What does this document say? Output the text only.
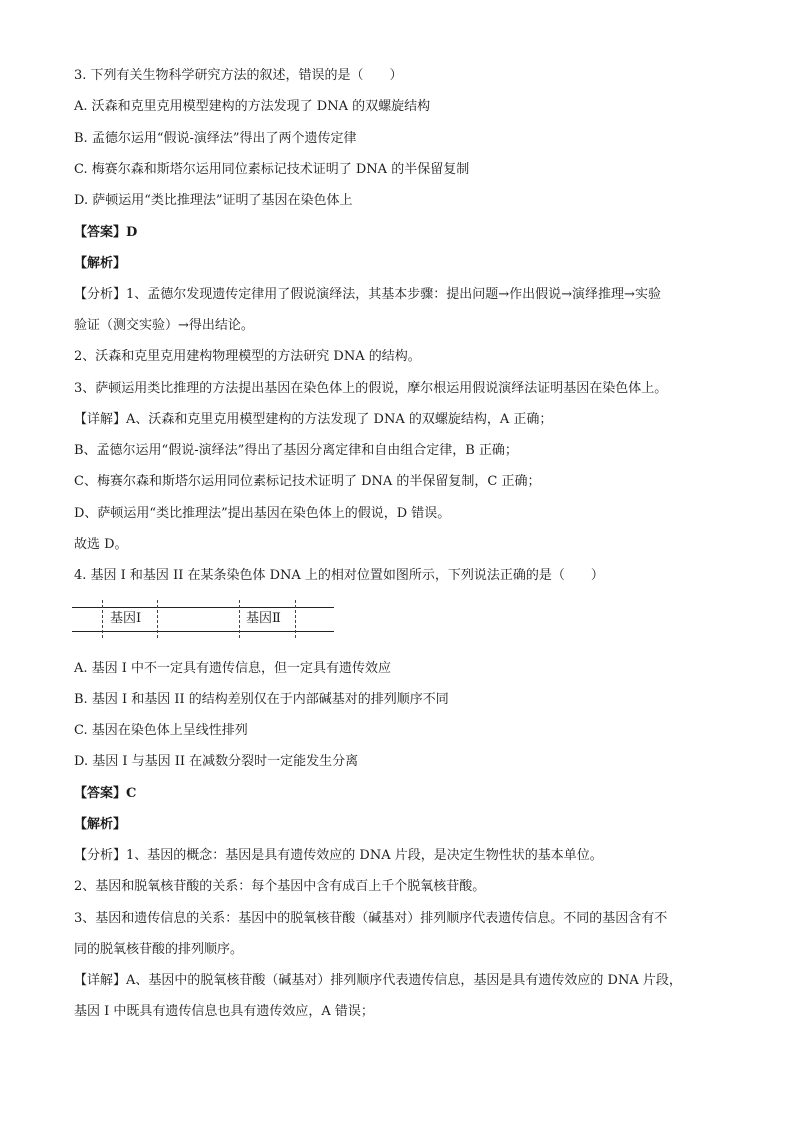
3. 下列有关生物科学研究方法的叙述，错误的是（　　）
A. 沃森和克里克用模型建构的方法发现了 DNA 的双螺旋结构
B. 孟德尔运用“假说-演绎法”得出了两个遗传定律
C. 梅赛尔森和斯塔尔运用同位素标记技术证明了 DNA 的半保留复制
D. 萨顿运用“类比推理法”证明了基因在染色体上
【答案】D
【解析】
【分析】1、孟德尔发现遗传定律用了假说演绎法，其基本步骤：提出问题→作出假说→演绎推理→实验
验证（测交实验）→得出结论。
2、沃森和克里克用建构物理模型的方法研究 DNA 的结构。
3、萨顿运用类比推理的方法提出基因在染色体上的假说，摩尔根运用假说演绎法证明基因在染色体上。
【详解】A、沃森和克里克用模型建构的方法发现了 DNA 的双螺旋结构，A 正确；
B、孟德尔运用“假说-演绎法”得出了基因分离定律和自由组合定律，B 正确；
C、梅赛尔森和斯塔尔运用同位素标记技术证明了 DNA 的半保留复制，C 正确；
D、萨顿运用“类比推理法”提出基因在染色体上的假说，D 错误。
故选 D。
4. 基因 I 和基因 II 在某条染色体 DNA 上的相对位置如图所示，下列说法正确的是（　　）
基因Ⅰ	基因Ⅱ
A. 基因 I 中不一定具有遗传信息，但一定具有遗传效应
B. 基因 I 和基因 II 的结构差别仅在于内部碱基对的排列顺序不同
C. 基因在染色体上呈线性排列
D. 基因 I 与基因 II 在减数分裂时一定能发生分离
【答案】C
【解析】
【分析】1、基因的概念：基因是具有遗传效应的 DNA 片段，是决定生物性状的基本单位。
2、基因和脱氧核苷酸的关系：每个基因中含有成百上千个脱氧核苷酸。
3、基因和遗传信息的关系：基因中的脱氧核苷酸（碱基对）排列顺序代表遗传信息。不同的基因含有不
同的脱氧核苷酸的排列顺序。
【详解】A、基因中的脱氧核苷酸（碱基对）排列顺序代表遗传信息，基因是具有遗传效应的 DNA 片段，
基因 I 中既具有遗传信息也具有遗传效应，A 错误；
